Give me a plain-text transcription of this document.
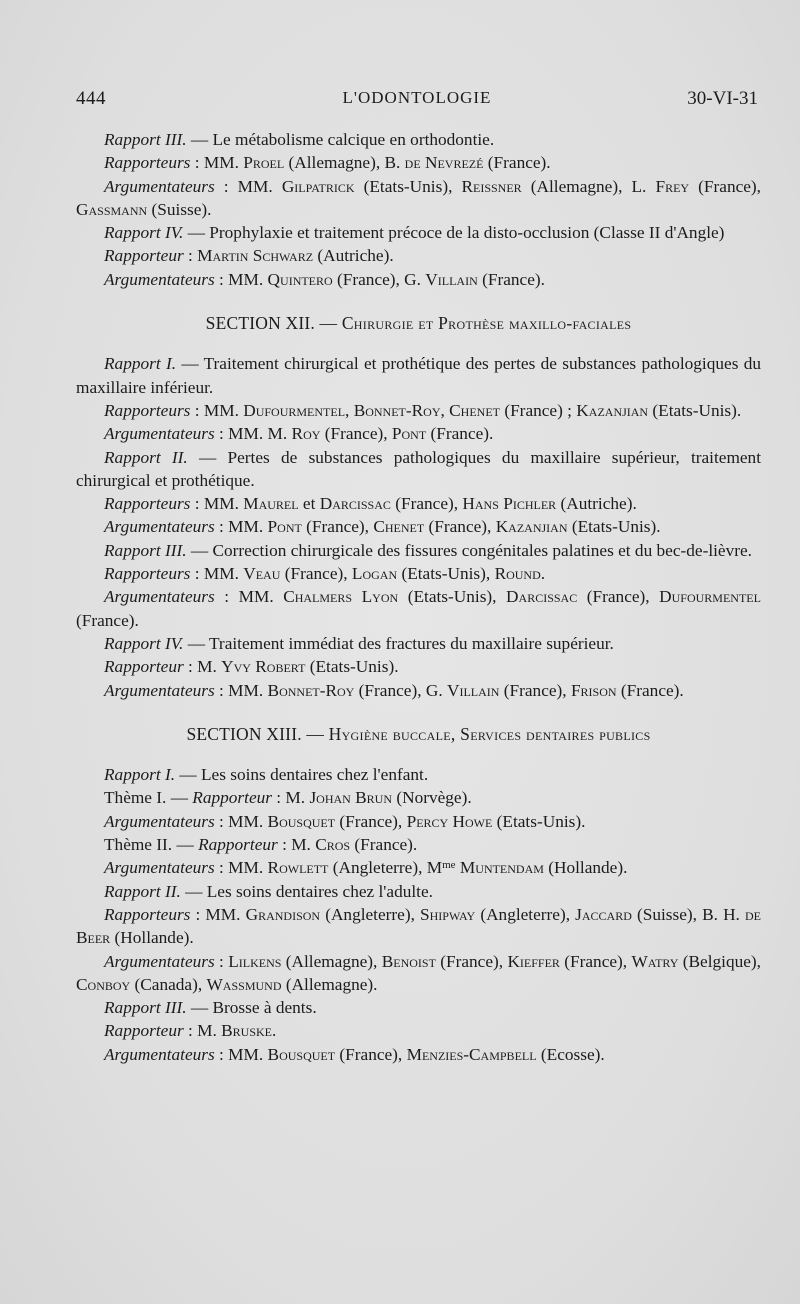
444	L'ODONTOLOGIE	30-VI-31

Rapport III. — Le métabolisme calcique en orthodontie.

Rapporteurs : MM. Proel (Allemagne), B. de Nevrezé (France).

Argumentateurs : MM. Gilpatrick (Etats-Unis), Reissner (Allemagne), L. Frey (France), Gassmann (Suisse).

Rapport IV. — Prophylaxie et traitement précoce de la disto-occlusion (Classe II d'Angle)

Rapporteur : Martin Schwarz (Autriche).

Argumentateurs : MM. Quintero (France), G. Villain (France).

SECTION XII. — Chirurgie et Prothèse maxillo-faciales

Rapport I. — Traitement chirurgical et prothétique des pertes de substances pathologiques du maxillaire inférieur.

Rapporteurs : MM. Dufourmentel, Bonnet-Roy, Chenet (France) ; Kazanjian (Etats-Unis).

Argumentateurs : MM. M. Roy (France), Pont (France).

Rapport II. — Pertes de substances pathologiques du maxillaire supérieur, traitement chirurgical et prothétique.

Rapporteurs : MM. Maurel et Darcissac (France), Hans Pichler (Autriche).

Argumentateurs : MM. Pont (France), Chenet (France), Kazanjian (Etats-Unis).

Rapport III. — Correction chirurgicale des fissures congénitales palatines et du bec-de-lièvre.

Rapporteurs : MM. Veau (France), Logan (Etats-Unis), Round.

Argumentateurs : MM. Chalmers Lyon (Etats-Unis), Darcissac (France), Dufourmentel (France).

Rapport IV. — Traitement immédiat des fractures du maxillaire supérieur.

Rapporteur : M. Yvy Robert (Etats-Unis).

Argumentateurs : MM. Bonnet-Roy (France), G. Villain (France), Frison (France).

SECTION XIII. — Hygiène buccale, Services dentaires publics

Rapport I. — Les soins dentaires chez l'enfant.

Thème I. — Rapporteur : M. Johan Brun (Norvège).

Argumentateurs : MM. Bousquet (France), Percy Howe (Etats-Unis).

Thème II. — Rapporteur : M. Cros (France).

Argumentateurs : MM. Rowlett (Angleterre), $M^{me}$ Muntendam (Hollande).

Rapport II. — Les soins dentaires chez l'adulte.

Rapporteurs : MM. Grandison (Angleterre), Shipway (Angleterre), Jaccard (Suisse), B. H. de Beer (Hollande).

Argumentateurs : Lilkens (Allemagne), Benoist (France), Kieffer (France), Watry (Belgique), Conboy (Canada), Wassmund (Allemagne).

Rapport III. — Brosse à dents.

Rapporteur : M. Bruske.

Argumentateurs : MM. Bousquet (France), Menzies-Campbell (Ecosse).
